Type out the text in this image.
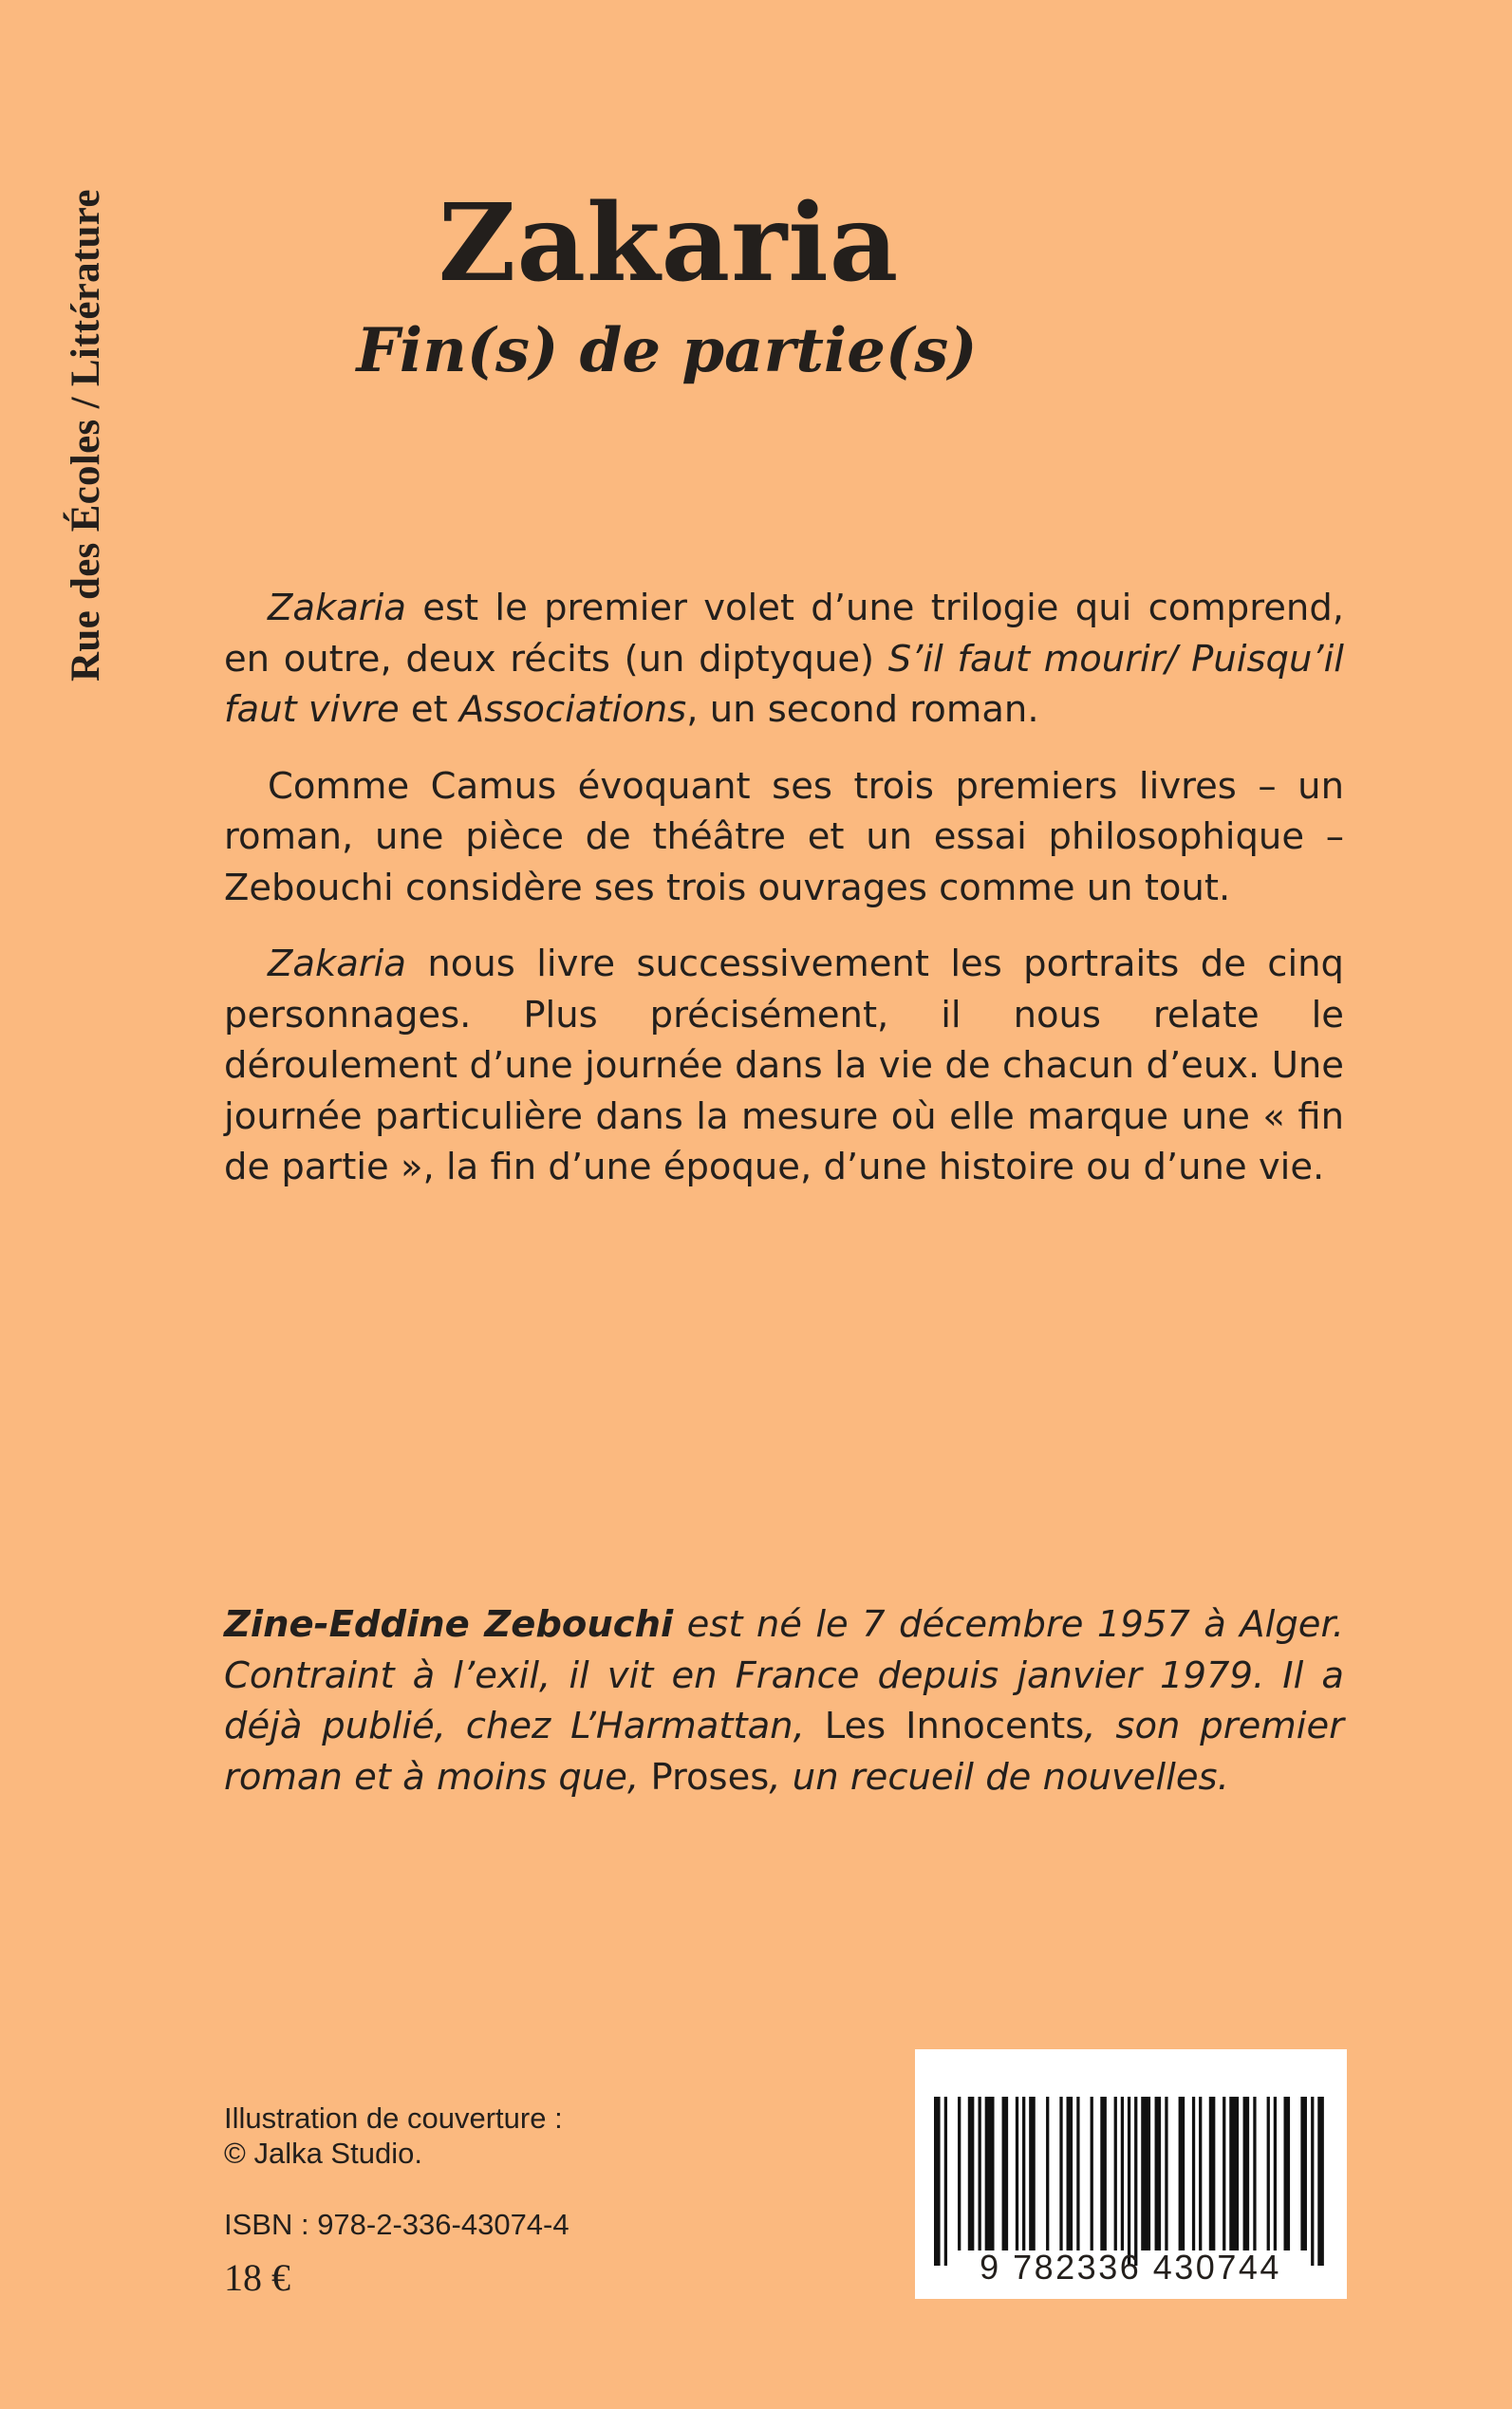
Rue des Écoles / Littérature	Zakaria
Fin(s) de partie(s)

Zakaria est le premier volet d’une trilogie qui comprend, en outre, deux récits (un diptyque) S’il faut mourir/ Puisqu’il faut vivre et Associations, un second roman.

Comme Camus évoquant ses trois premiers livres – un roman, une pièce de théâtre et un essai philosophique – Zebouchi considère ses trois ouvrages comme un tout.

Zakaria nous livre successivement les portraits de cinq personnages. Plus précisément, il nous relate le déroulement d’une journée dans la vie de chacun d’eux. Une journée particulière dans la mesure où elle marque une « fin de partie », la fin d’une époque, d’une histoire ou d’une vie.

Zine-Eddine Zebouchi est né le 7 décembre 1957 à Alger. Contraint à l’exil, il vit en France depuis janvier 1979. Il a déjà publié, chez L’Harmattan, Les Innocents, son premier roman et à moins que, Proses, un recueil de nouvelles.

Illustration de couverture :
© Jalka Studio.
ISBN : 978-2-336-43074-4
18 €	9 782336 430744
